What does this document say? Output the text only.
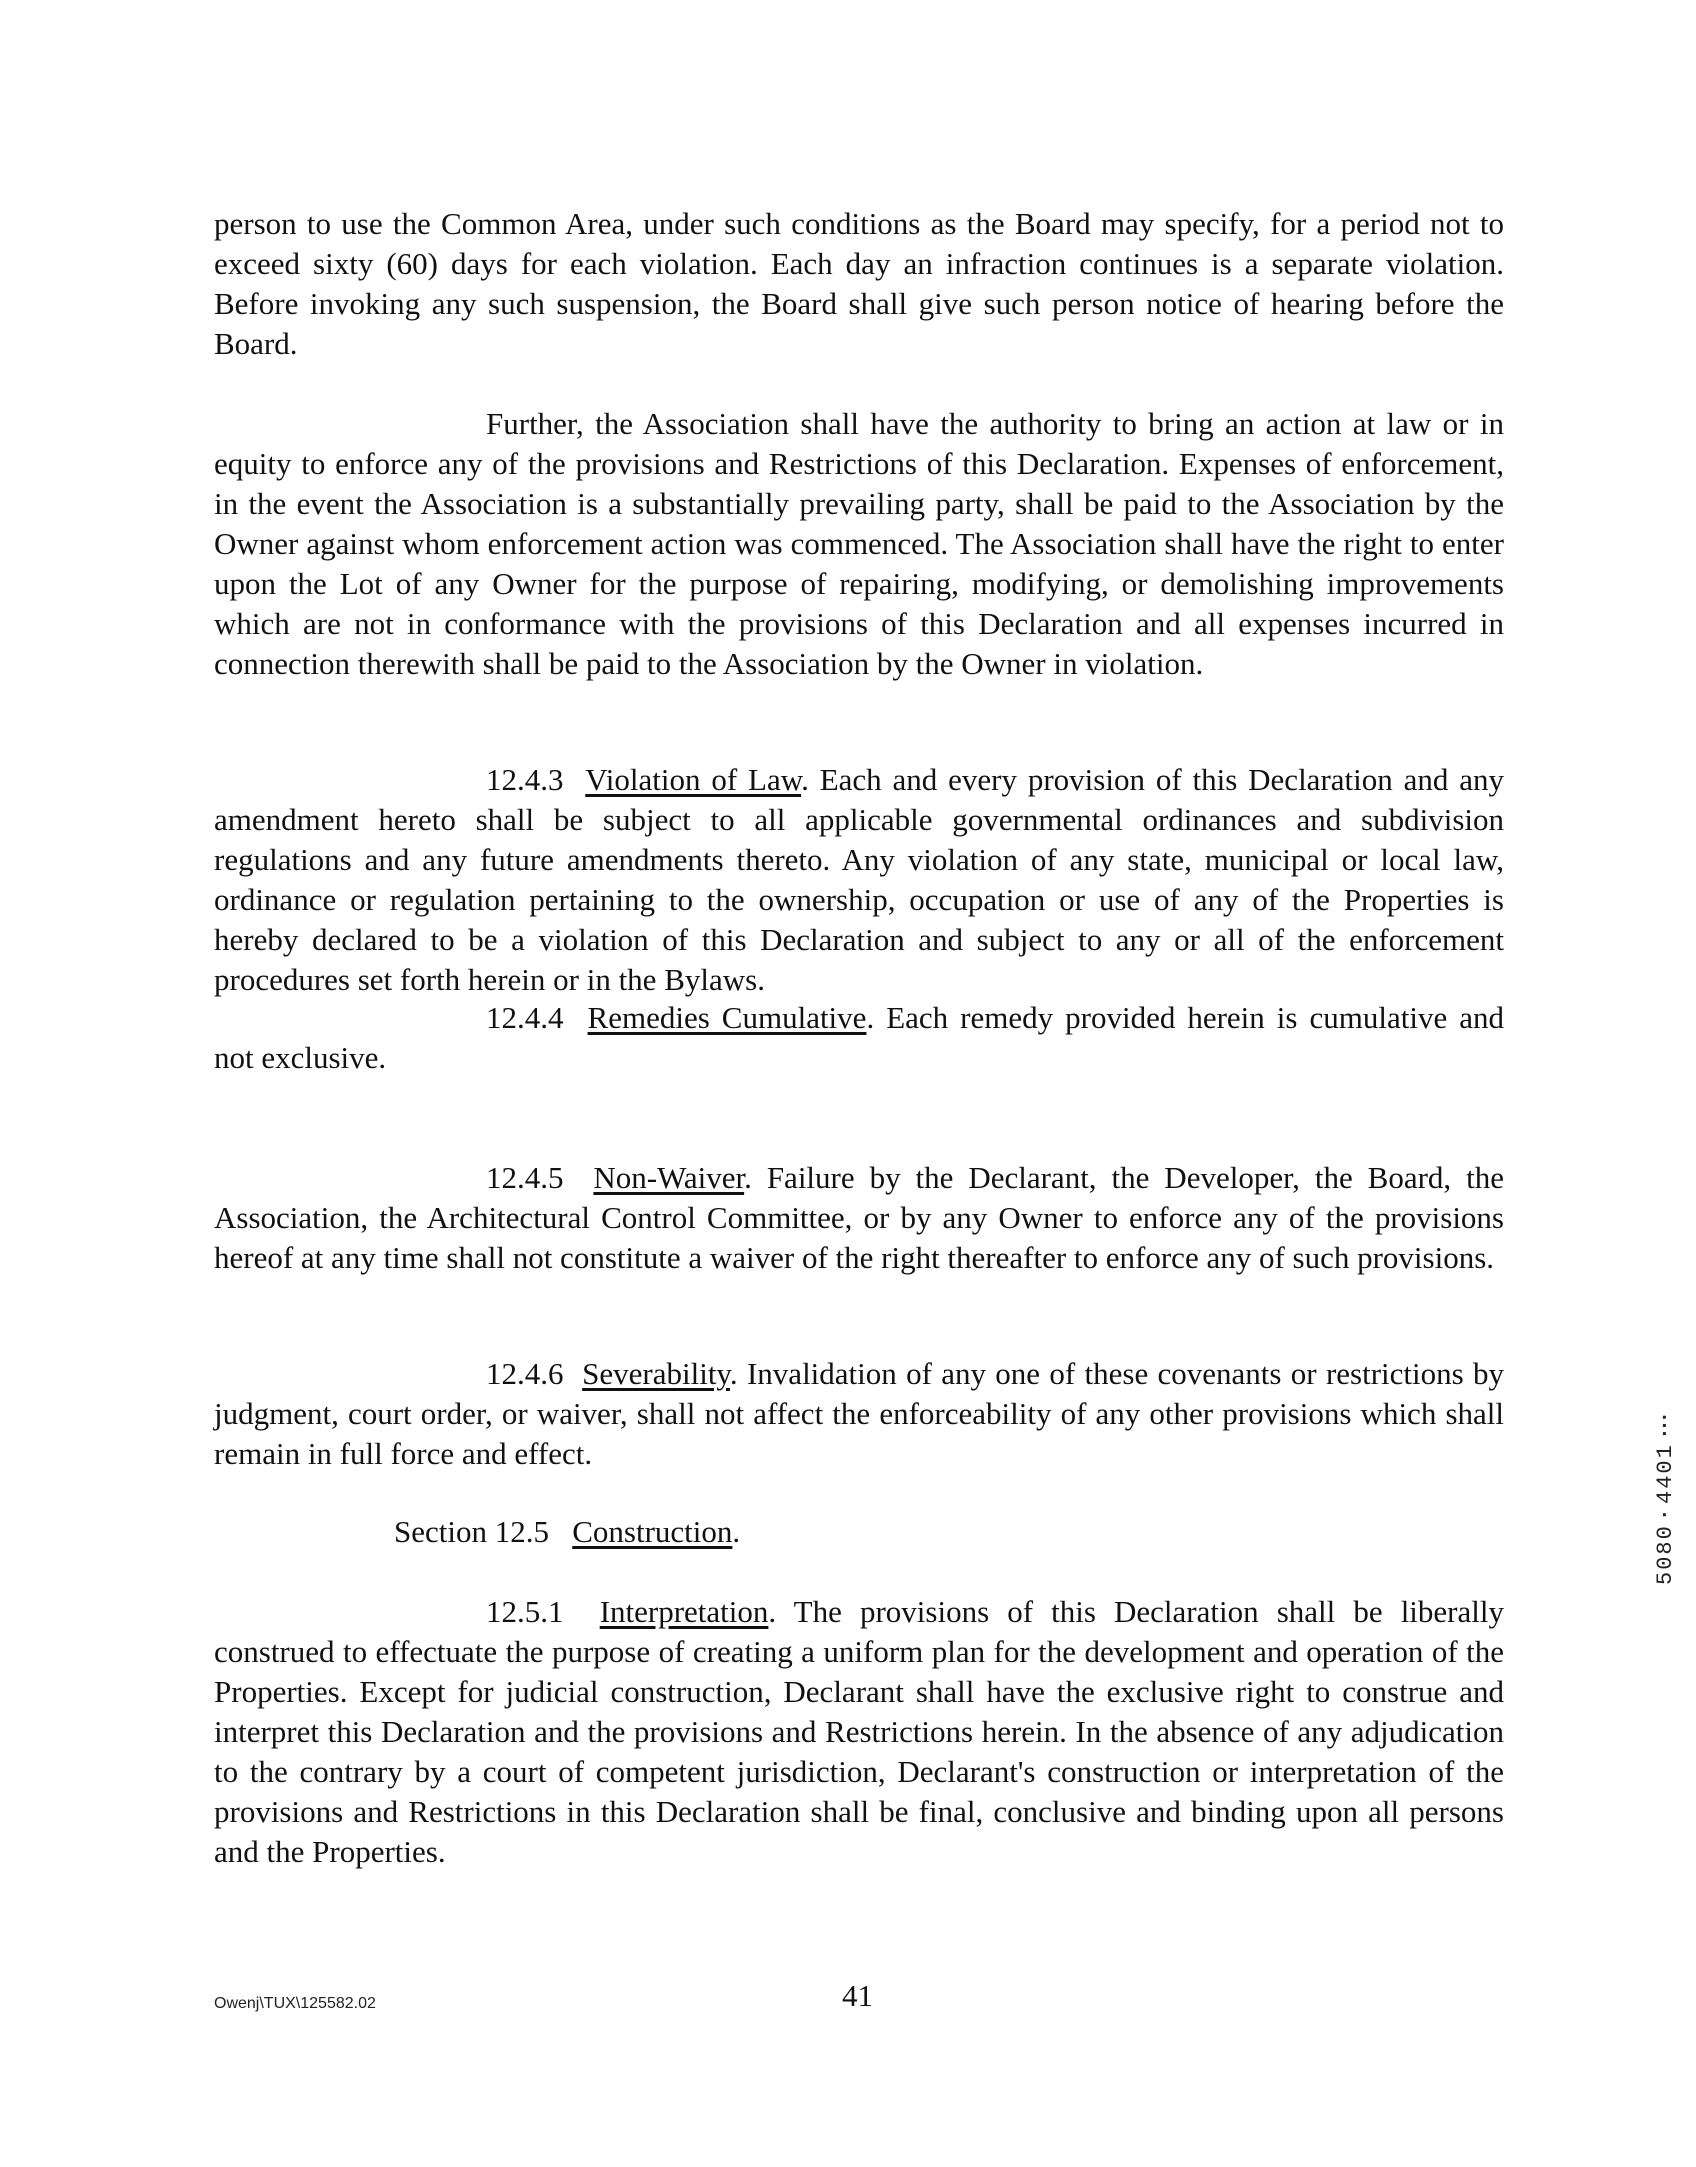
person to use the Common Area, under such conditions as the Board may specify, for a period not to exceed sixty (60) days for each violation. Each day an infraction continues is a separate violation. Before invoking any such suspension, the Board shall give such person notice of hearing before the Board.

Further, the Association shall have the authority to bring an action at law or in equity to enforce any of the provisions and Restrictions of this Declaration. Expenses of enforcement, in the event the Association is a substantially prevailing party, shall be paid to the Association by the Owner against whom enforcement action was commenced. The Association shall have the right to enter upon the Lot of any Owner for the purpose of repairing, modifying, or demolishing improvements which are not in conformance with the provisions of this Declaration and all expenses incurred in connection therewith shall be paid to the Association by the Owner in violation.

12.4.3 Violation of Law. Each and every provision of this Declaration and any amendment hereto shall be subject to all applicable governmental ordinances and subdivision regulations and any future amendments thereto. Any violation of any state, municipal or local law, ordinance or regulation pertaining to the ownership, occupation or use of any of the Properties is hereby declared to be a violation of this Declaration and subject to any or all of the enforcement procedures set forth herein or in the Bylaws.

12.4.4 Remedies Cumulative. Each remedy provided herein is cumulative and not exclusive.

12.4.5 Non-Waiver. Failure by the Declarant, the Developer, the Board, the Association, the Architectural Control Committee, or by any Owner to enforce any of the provisions hereof at any time shall not constitute a waiver of the right thereafter to enforce any of such provisions.

12.4.6 Severability. Invalidation of any one of these covenants or restrictions by judgment, court order, or waiver, shall not affect the enforceability of any other provisions which shall remain in full force and effect.

Section 12.5 Construction.

12.5.1 Interpretation. The provisions of this Declaration shall be liberally construed to effectuate the purpose of creating a uniform plan for the development and operation of the Properties. Except for judicial construction, Declarant shall have the exclusive right to construe and interpret this Declaration and the provisions and Restrictions herein. In the absence of any adjudication to the contrary by a court of competent jurisdiction, Declarant's construction or interpretation of the provisions and Restrictions in this Declaration shall be final, conclusive and binding upon all persons and the Properties.

Owenj\TUX\125582.02	41
5080
▪
4401
▪▪▪
